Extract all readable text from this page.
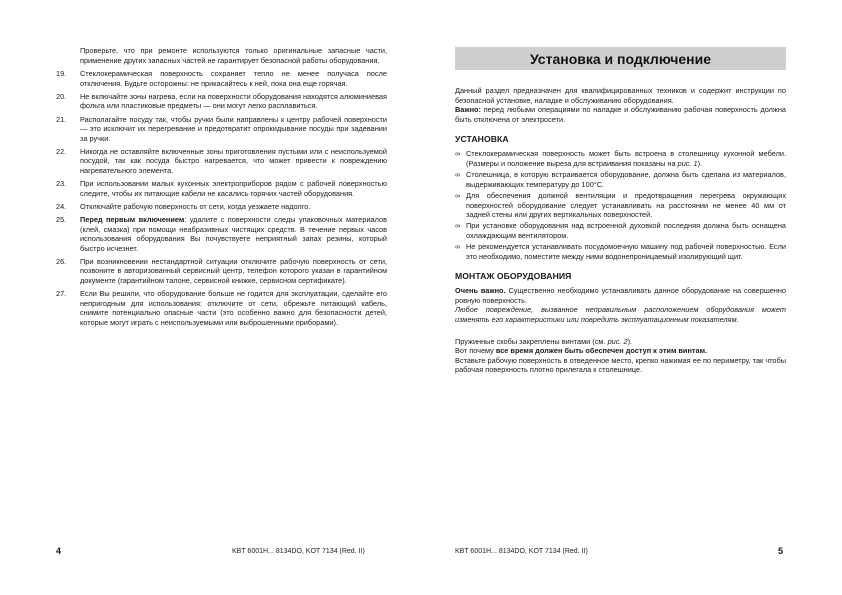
Проверьте, что при ремонте используются только оригинальные запасные части, применение других запасных частей не гарантирует безопасной работы оборудования.

19.	Стеклокерамическая поверхность сохраняет тепло не менее получаса после отключения. Будьте осторожны: не прикасайтесь к ней, пока она еще горячая.
20.	Не включайте зоны нагрева, если на поверхности оборудования находятся алюминиевая фольга или пластиковые предметы — они могут легко расплавиться.
21.	Располагайте посуду так, чтобы ручки были направлены к центру рабочей поверхности — это исключит их перегревание и предотвратит опрокидывание посуды при задевании за ручки.
22.	Никогда не оставляйте включенные зоны приготовления пустыми или с неиспользуемой посудой, так как посуда быстро нагревается, что может привести к повреждению нагревательного элемента.
23.	При использовании малых кухонных электроприборов рядом с рабочей поверхностью следите, чтобы их питающие кабели не касались горячих частей оборудования.
24.	Отключайте рабочую поверхность от сети, когда уезжаете надолго.
25.	Перед первым включением: удалите с поверхности следы упаковочных материалов (клей, смазка) при помощи неабразивных чистящих средств. В течение первых часов использования оборудования Вы почувствуете неприятный запах резины, который быстро исчезнет.
26.	При возникновении нестандартной ситуации отключите рабочую поверхность от сети, позвоните в авторизованный сервисный центр, телефон которого указан в гарантийном документе (гарантийном талоне, сервисной книжке, сервисном сертификате).
27.	Если Вы решили, что оборудование больше не годится для эксплуатации, сделайте его непригодным для использования: отключите от сети, обрежьте питающий кабель, снимите потенциально опасные части (это особенно важно для безопасности детей, которые могут играть с неиспользуемыми или выброшенными приборами).
4	KBT 6001H... 8134DO, KOT 7134 (Red. II)
Установка и подключение

Данный раздел предназначен для квалифицированных техников и содержит инструкции по безопасной установке, наладке и обслуживанию оборудования.

Важно: перед любыми операциями по наладке и обслуживанию рабочая поверхность должна быть отключена от электросети.

УСТАНОВКА
∞ Стеклокерамическая поверхность может быть встроена в столешницу кухонной мебели. (Размеры и положение выреза для встраивания показаны на рис. 1).
∞ Столешница, в которую встраивается оборудование, должна быть сделана из материалов, выдерживающих температуру до 100°C.
∞ Для обеспечения должной вентиляции и предотвращения перегрева окружающих поверхностей оборудование следует устанавливать на расстоянии не менее 40 мм от задней стены или других вертикальных поверхностей.
∞ При установке оборудования над встроенной духовкой последняя должна быть оснащена охлаждающим вентилятором.
∞ Не рекомендуется устанавливать посудомоечную машину под рабочей поверхностью. Если это необходимо, поместите между ними водонепроницаемый изолирующий щит.
МОНТАЖ ОБОРУДОВАНИЯ

Очень важно. Существенно необходимо устанавливать данное оборудование на совершенно ровную поверхность.

Любое повреждение, вызванное неправильным расположением оборудования может изменять его характеристики или повредить эксплуатационным показателям.

Пружинные скобы закреплены винтами (см. рис. 2).

Вот почему все время должен быть обеспечен доступ к этим винтам.

Вставьте рабочую поверхность в отведенное место, крепко нажимая ее по периметру, так чтобы рабочая поверхность плотно прилегала к столешнице.

KBT 6001H... 8134DO, KOT 7134 (Red. II)	5
